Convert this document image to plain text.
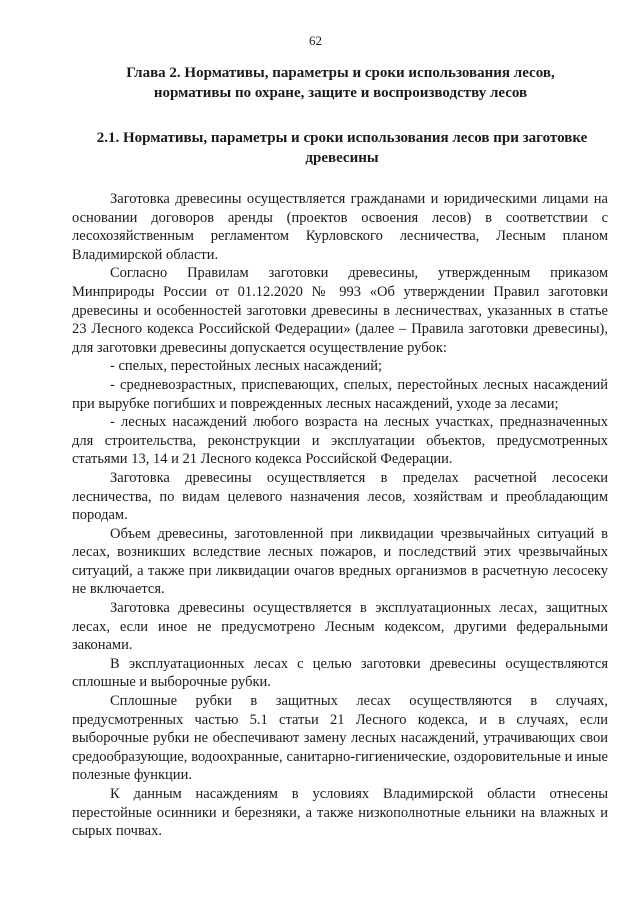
62
Глава 2. Нормативы, параметры и сроки использования лесов, нормативы по охране, защите и воспроизводству лесов
2.1. Нормативы, параметры и сроки использования лесов при заготовке древесины

Заготовка древесины осуществляется гражданами и юридическими лицами на основании договоров аренды (проектов освоения лесов) в соответствии с лесохозяйственным регламентом Курловского лесничества, Лесным планом Владимирской области.

Согласно Правилам заготовки древесины, утвержденным приказом Минприроды России от 01.12.2020 № 993 «Об утверждении Правил заготовки древесины и особенностей заготовки древесины в лесничествах, указанных в статье 23 Лесного кодекса Российской Федерации» (далее – Правила заготовки древесины), для заготовки древесины допускается осуществление рубок:

- спелых, перестойных лесных насаждений;

- средневозрастных, приспевающих, спелых, перестойных лесных насаждений при вырубке погибших и поврежденных лесных насаждений, уходе за лесами;

- лесных насаждений любого возраста на лесных участках, предназначенных для строительства, реконструкции и эксплуатации объектов, предусмотренных статьями 13, 14 и 21 Лесного кодекса Российской Федерации.

Заготовка древесины осуществляется в пределах расчетной лесосеки лесничества, по видам целевого назначения лесов, хозяйствам и преобладающим породам.

Объем древесины, заготовленной при ликвидации чрезвычайных ситуаций в лесах, возникших вследствие лесных пожаров, и последствий этих чрезвычайных ситуаций, а также при ликвидации очагов вредных организмов в расчетную лесосеку не включается.

Заготовка древесины осуществляется в эксплуатационных лесах, защитных лесах, если иное не предусмотрено Лесным кодексом, другими федеральными законами.

В эксплуатационных лесах с целью заготовки древесины осуществляются сплошные и выборочные рубки.

Сплошные рубки в защитных лесах осуществляются в случаях, предусмотренных частью 5.1 статьи 21 Лесного кодекса, и в случаях, если выборочные рубки не обеспечивают замену лесных насаждений, утрачивающих свои средообразующие, водоохранные, санитарно-гигиенические, оздоровительные и иные полезные функции.

К данным насаждениям в условиях Владимирской области отнесены перестойные осинники и березняки, а также низкополнотные ельники на влажных и сырых почвах.
